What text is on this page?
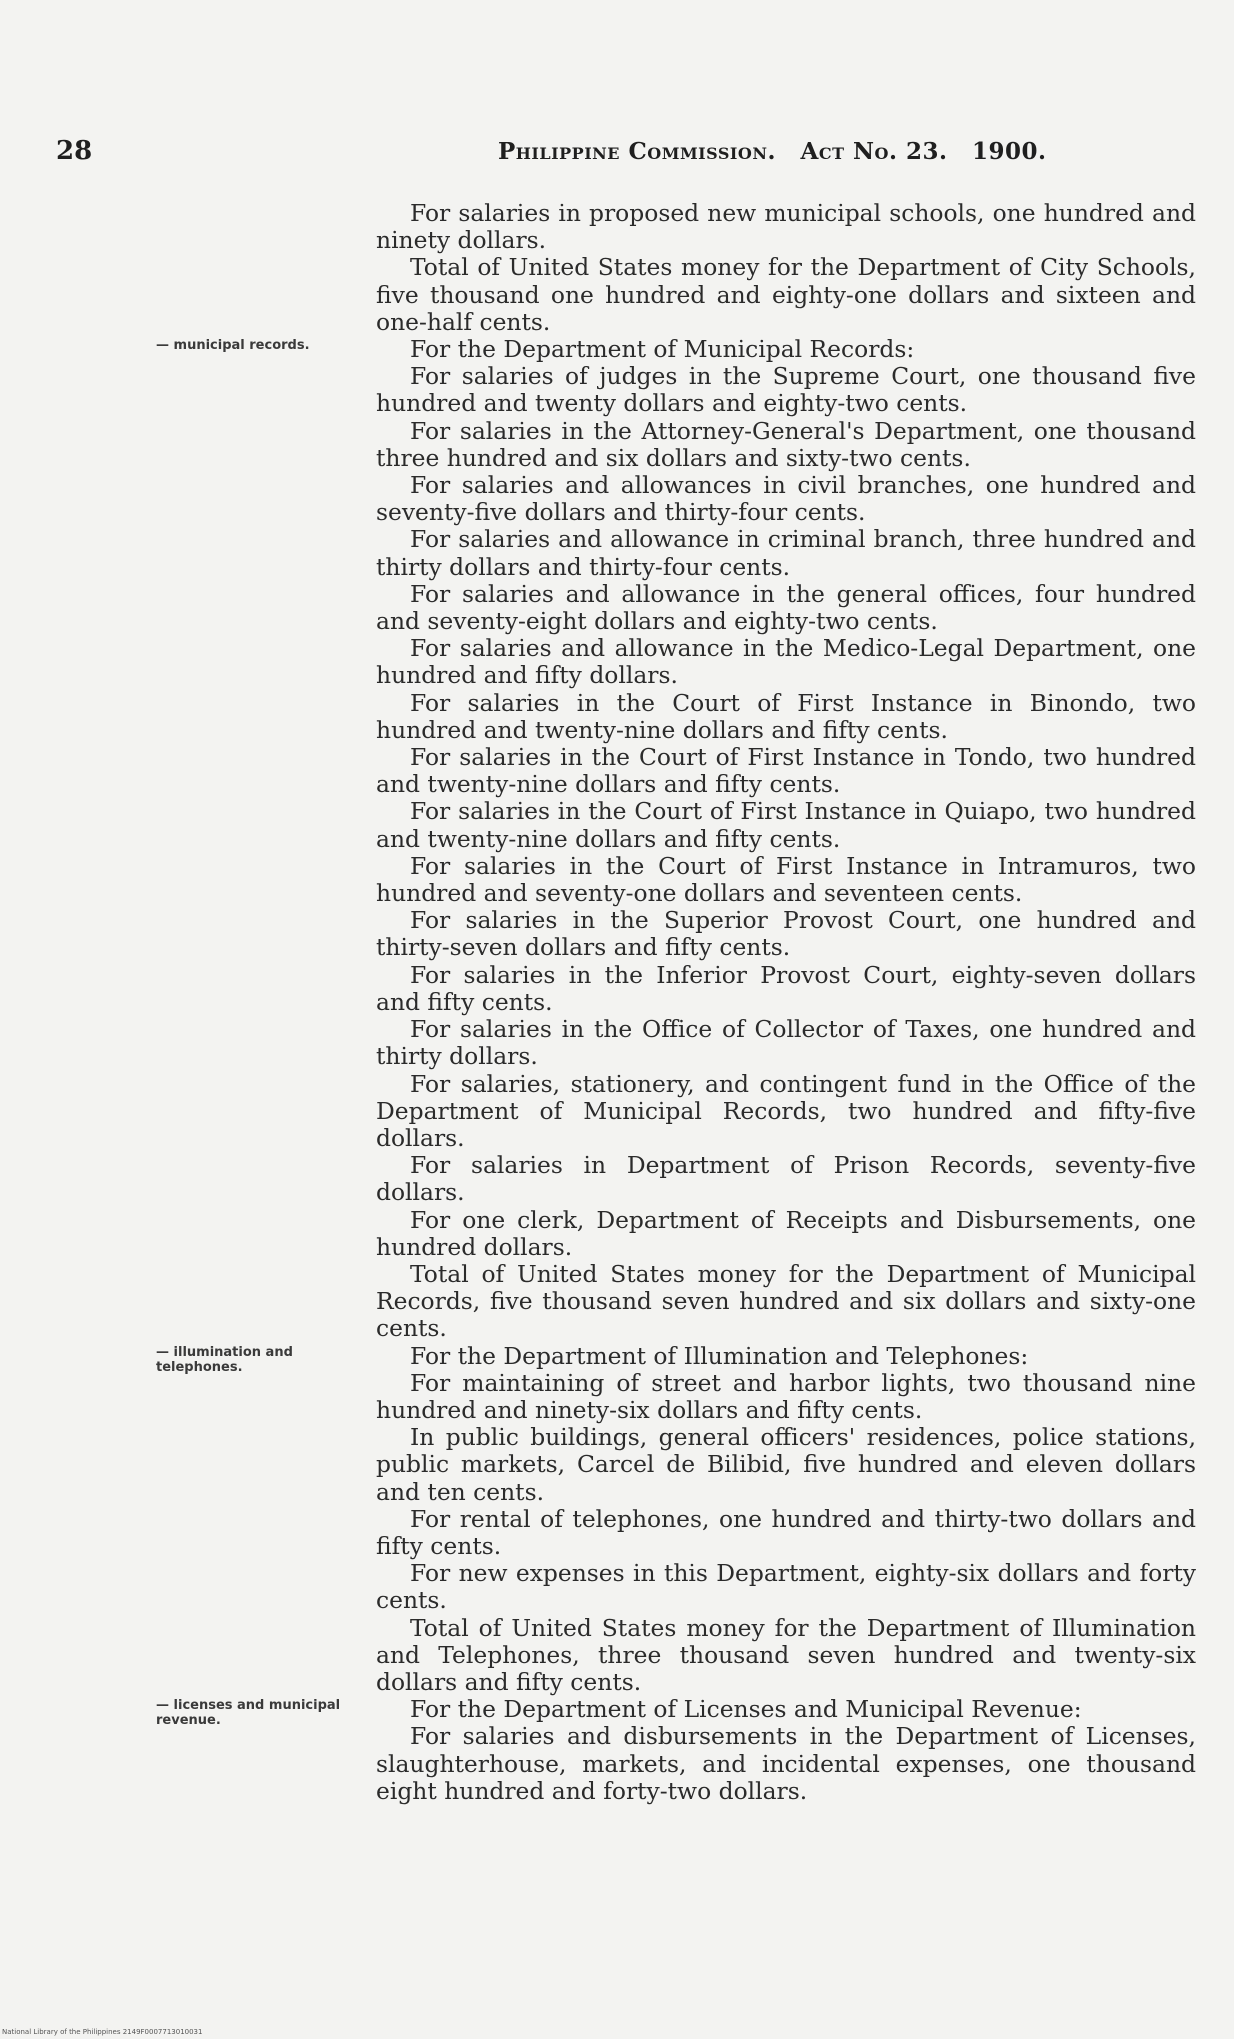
28	Philippine Commission. Act No. 23. 1900.

For salaries in proposed new municipal schools, one hundred and ninety dollars.

Total of United States money for the Department of City Schools, five thousand one hundred and eighty-one dollars and sixteen and one-half cents.

— municipal records.	For the Department of Municipal Records:

For salaries of judges in the Supreme Court, one thousand five hundred and twenty dollars and eighty-two cents.

For salaries in the Attorney-General's Department, one thousand three hundred and six dollars and sixty-two cents.

For salaries and allowances in civil branches, one hundred and seventy-five dollars and thirty-four cents.

For salaries and allowance in criminal branch, three hundred and thirty dollars and thirty-four cents.

For salaries and allowance in the general offices, four hundred and seventy-eight dollars and eighty-two cents.

For salaries and allowance in the Medico-Legal Department, one hundred and fifty dollars.

For salaries in the Court of First Instance in Binondo, two hundred and twenty-nine dollars and fifty cents.

For salaries in the Court of First Instance in Tondo, two hundred and twenty-nine dollars and fifty cents.

For salaries in the Court of First Instance in Quiapo, two hundred and twenty-nine dollars and fifty cents.

For salaries in the Court of First Instance in Intramuros, two hundred and seventy-one dollars and seventeen cents.

For salaries in the Superior Provost Court, one hundred and thirty-seven dollars and fifty cents.

For salaries in the Inferior Provost Court, eighty-seven dollars and fifty cents.

For salaries in the Office of Collector of Taxes, one hundred and thirty dollars.

For salaries, stationery, and contingent fund in the Office of the Department of Municipal Records, two hundred and fifty-five dollars.

For salaries in Department of Prison Records, seventy-five dollars.

For one clerk, Department of Receipts and Disbursements, one hundred dollars.

Total of United States money for the Department of Municipal Records, five thousand seven hundred and six dollars and sixty-one cents.

— illumination and telephones.	For the Department of Illumination and Telephones:

For maintaining of street and harbor lights, two thousand nine hundred and ninety-six dollars and fifty cents.

In public buildings, general officers' residences, police stations, public markets, Carcel de Bilibid, five hundred and eleven dollars and ten cents.

For rental of telephones, one hundred and thirty-two dollars and fifty cents.

For new expenses in this Department, eighty-six dollars and forty cents.

Total of United States money for the Department of Illumination and Telephones, three thousand seven hundred and twenty-six dollars and fifty cents.

— licenses and municipal revenue.	For the Department of Licenses and Municipal Revenue:

For salaries and disbursements in the Department of Licenses, slaughterhouse, markets, and incidental expenses, one thousand eight hundred and forty-two dollars.

National Library of the Philippines 2149F0007713010031
